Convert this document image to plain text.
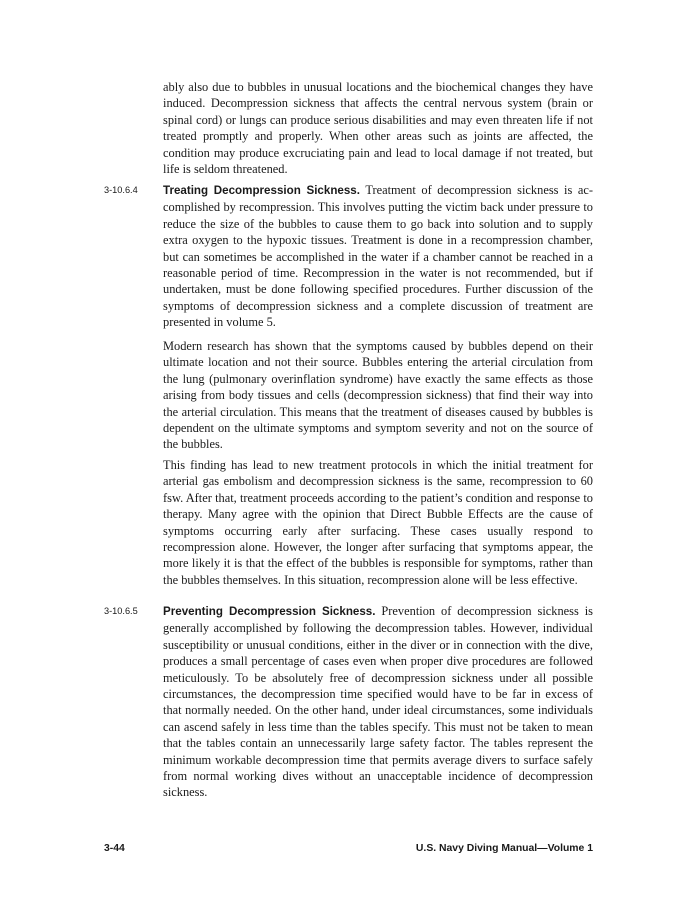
ably also due to bubbles in unusual locations and the biochemical changes they have induced. Decompression sickness that affects the central nervous system (brain or spinal cord) or lungs can produce serious disabilities and may even threaten life if not treated promptly and properly. When other areas such as joints are affected, the condition may produce excruciating pain and lead to local damage if not treated, but life is seldom threatened.

3-10.6.4 Treating Decompression Sickness. Treatment of decompression sickness is accomplished by recompression. This involves putting the victim back under pressure to reduce the size of the bubbles to cause them to go back into solution and to supply extra oxygen to the hypoxic tissues. Treatment is done in a recompression chamber, but can sometimes be accomplished in the water if a chamber cannot be reached in a reasonable period of time. Recompression in the water is not recommended, but if undertaken, must be done following specified procedures. Further discussion of the symptoms of decompression sickness and a complete discussion of treatment are presented in volume 5.

Modern research has shown that the symptoms caused by bubbles depend on their ultimate location and not their source. Bubbles entering the arterial circulation from the lung (pulmonary overinflation syndrome) have exactly the same effects as those arising from body tissues and cells (decompression sickness) that find their way into the arterial circulation. This means that the treatment of diseases caused by bubbles is dependent on the ultimate symptoms and symptom severity and not on the source of the bubbles.

This finding has lead to new treatment protocols in which the initial treatment for arterial gas embolism and decompression sickness is the same, recompression to 60 fsw. After that, treatment proceeds according to the patient’s condition and response to therapy. Many agree with the opinion that Direct Bubble Effects are the cause of symptoms occurring early after surfacing. These cases usually respond to recompression alone. However, the longer after surfacing that symptoms appear, the more likely it is that the effect of the bubbles is responsible for symptoms, rather than the bubbles themselves. In this situation, recompression alone will be less effective.

3-10.6.5 Preventing Decompression Sickness. Prevention of decompression sickness is generally accomplished by following the decompression tables. However, individual susceptibility or unusual conditions, either in the diver or in connection with the dive, produces a small percentage of cases even when proper dive procedures are followed meticulously. To be absolutely free of decompression sickness under all possible circumstances, the decompression time specified would have to be far in excess of that normally needed. On the other hand, under ideal circumstances, some individuals can ascend safely in less time than the tables specify. This must not be taken to mean that the tables contain an unnecessarily large safety factor. The tables represent the minimum workable decompression time that permits average divers to surface safely from normal working dives without an unacceptable incidence of decompression sickness.

3-44	U.S. Navy Diving Manual—Volume 1
